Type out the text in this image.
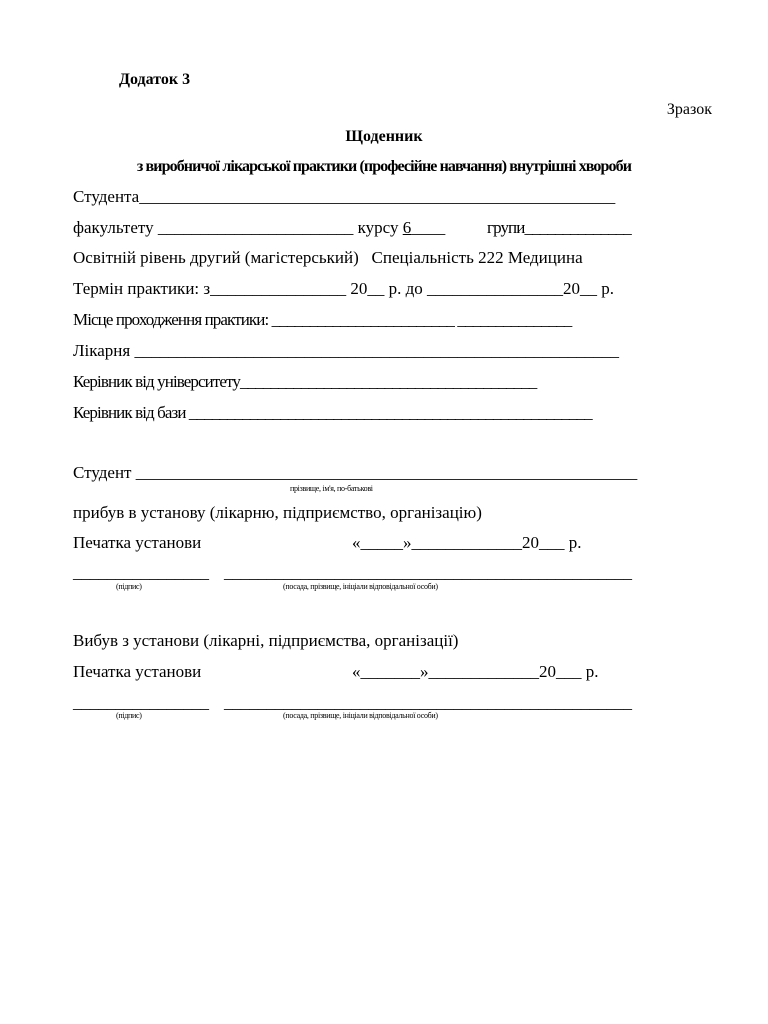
Додаток 3
Зразок
Щоденник
з виробничої лікарської практики (професійне навчання) внутрішні хвороби
Студента________________________________________________________
факультету _______________________ курсу 6____ групи______________
Освітній рівень другий (магістерський)   Спеціальність 222 Медицина
Термін практики: з________________ 20__ р. до ________________20__ р.
Місце проходження практики: ________________________ _______________
Лікарня _________________________________________________________
Керівник від університету_______________________________________
Керівник від бази _____________________________________________________
Студент ___________________________________________________________
прізвище, ім'я, по-батькові
прибув в установу (лікарню, підприємство, організацію)
Печатка установи	«_____»_____________20___ р.
________________ ________________________________________________
(підпис)	(посада, прізвище, ініціали відповідальної особи)
Вибув з установи (лікарні, підприємства, організації)
Печатка установи	«_______»_____________20___ р.
________________ ________________________________________________
(підпис)	(посада, прізвище, ініціали відповідальної особи)
